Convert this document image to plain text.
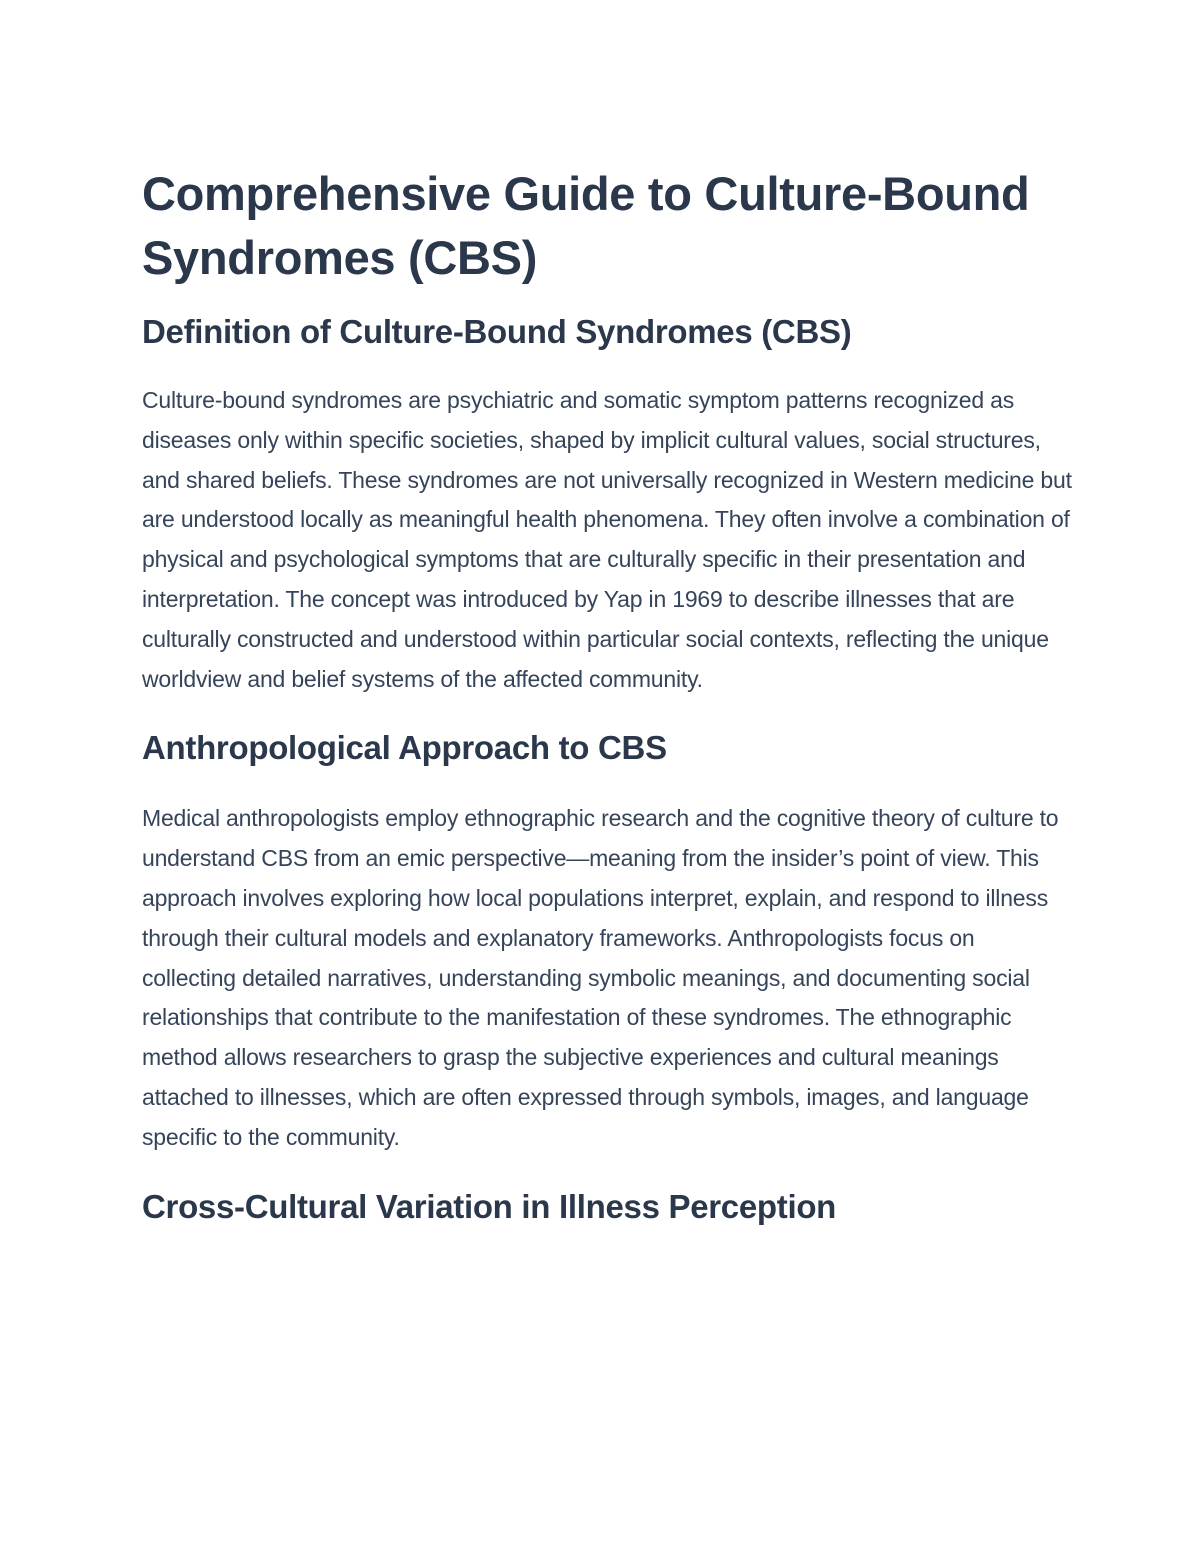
Comprehensive Guide to Culture-Bound Syndromes (CBS)
Definition of Culture-Bound Syndromes (CBS)

Culture-bound syndromes are psychiatric and somatic symptom patterns recognized as diseases only within specific societies, shaped by implicit cultural values, social structures, and shared beliefs. These syndromes are not universally recognized in Western medicine but are understood locally as meaningful health phenomena. They often involve a combination of physical and psychological symptoms that are culturally specific in their presentation and interpretation. The concept was introduced by Yap in 1969 to describe illnesses that are culturally constructed and understood within particular social contexts, reflecting the unique worldview and belief systems of the affected community.

Anthropological Approach to CBS

Medical anthropologists employ ethnographic research and the cognitive theory of culture to understand CBS from an emic perspective—meaning from the insider’s point of view. This approach involves exploring how local populations interpret, explain, and respond to illness through their cultural models and explanatory frameworks. Anthropologists focus on collecting detailed narratives, understanding symbolic meanings, and documenting social relationships that contribute to the manifestation of these syndromes. The ethnographic method allows researchers to grasp the subjective experiences and cultural meanings attached to illnesses, which are often expressed through symbols, images, and language specific to the community.

Cross-Cultural Variation in Illness Perception
